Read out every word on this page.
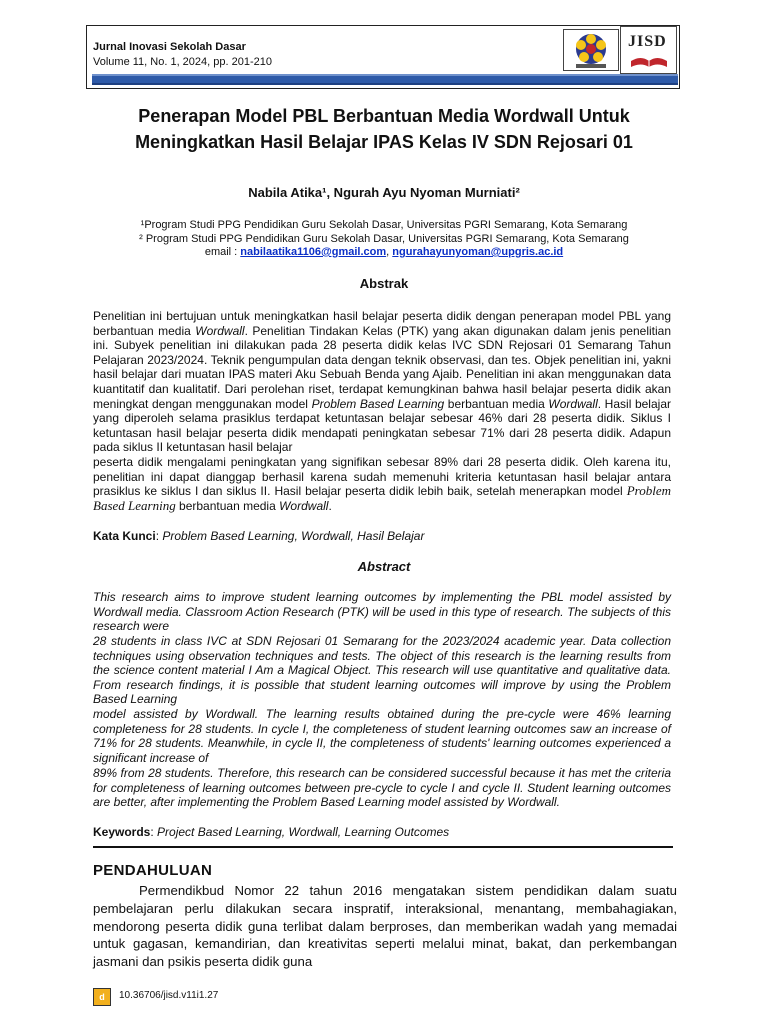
Jurnal Inovasi Sekolah Dasar
Volume 11, No. 1, 2024, pp. 201-210
JISD
Penerapan Model PBL Berbantuan Media Wordwall Untuk Meningkatkan Hasil Belajar IPAS Kelas IV SDN Rejosari 01
Nabila Atika¹, Ngurah Ayu Nyoman Murniati²
¹Program Studi PPG Pendidikan Guru Sekolah Dasar, Universitas PGRI Semarang, Kota Semarang
² Program Studi PPG Pendidikan Guru Sekolah Dasar, Universitas PGRI Semarang, Kota Semarang
email : nabilaatika1106@gmail.com, ngurahayunyoman@upgris.ac.id
Abstrak
Penelitian ini bertujuan untuk meningkatkan hasil belajar peserta didik dengan penerapan model PBL yang berbantuan media Wordwall. Penelitian Tindakan Kelas (PTK) yang akan digunakan dalam jenis penelitian ini. Subyek penelitian ini dilakukan pada 28 peserta didik kelas IVC SDN Rejosari 01 Semarang Tahun Pelajaran 2023/2024. Teknik pengumpulan data dengan teknik observasi, dan tes. Objek penelitian ini, yakni hasil belajar dari muatan IPAS materi Aku Sebuah Benda yang Ajaib. Penelitian ini akan menggunakan data kuantitatif dan kualitatif. Dari perolehan riset, terdapat kemungkinan bahwa hasil belajar peserta didik akan meningkat dengan menggunakan model Problem Based Learning berbantuan media Wordwall. Hasil belajar yang diperoleh selama prasiklus terdapat ketuntasan belajar sebesar 46% dari 28 peserta didik. Siklus I ketuntasan hasil belajar peserta didik mendapati peningkatan sebesar 71% dari 28 peserta didik. Adapun pada siklus II ketuntasan hasil belajar
peserta didik mengalami peningkatan yang signifikan sebesar 89% dari 28 peserta didik. Oleh karena itu, penelitian ini dapat dianggap berhasil karena sudah memenuhi kriteria ketuntasan hasil belajar antara prasiklus ke siklus I dan siklus II. Hasil belajar peserta didik lebih baik, setelah menerapkan model Problem Based Learning berbantuan media Wordwall.
Kata Kunci: Problem Based Learning, Wordwall, Hasil Belajar
Abstract
This research aims to improve student learning outcomes by implementing the PBL model assisted by Wordwall media. Classroom Action Research (PTK) will be used in this type of research. The subjects of this research were
28 students in class IVC at SDN Rejosari 01 Semarang for the 2023/2024 academic year. Data collection techniques using observation techniques and tests. The object of this research is the learning results from the science content material I Am a Magical Object. This research will use quantitative and qualitative data. From research findings, it is possible that student learning outcomes will improve by using the Problem Based Learning
model assisted by Wordwall. The learning results obtained during the pre-cycle were 46% learning completeness for 28 students. In cycle I, the completeness of student learning outcomes saw an increase of 71% for 28 students. Meanwhile, in cycle II, the completeness of students' learning outcomes experienced a significant increase of
89% from 28 students. Therefore, this research can be considered successful because it has met the criteria for completeness of learning outcomes between pre-cycle to cycle I and cycle II. Student learning outcomes are better, after implementing the Problem Based Learning model assisted by Wordwall.
Keywords: Project Based Learning, Wordwall, Learning Outcomes
PENDAHULUAN
Permendikbud Nomor 22 tahun 2016 mengatakan sistem pendidikan dalam suatu pembelajaran perlu dilakukan secara inspratif, interaksional, menantang, membahagiakan, mendorong peserta didik guna terlibat dalam berproses, dan memberikan wadah yang memadai untuk gagasan, kemandirian, dan kreativitas seperti melalui minat, bakat, dan perkembangan jasmani dan psikis peserta didik guna
d	10.36706/jisd.v11i1.27
